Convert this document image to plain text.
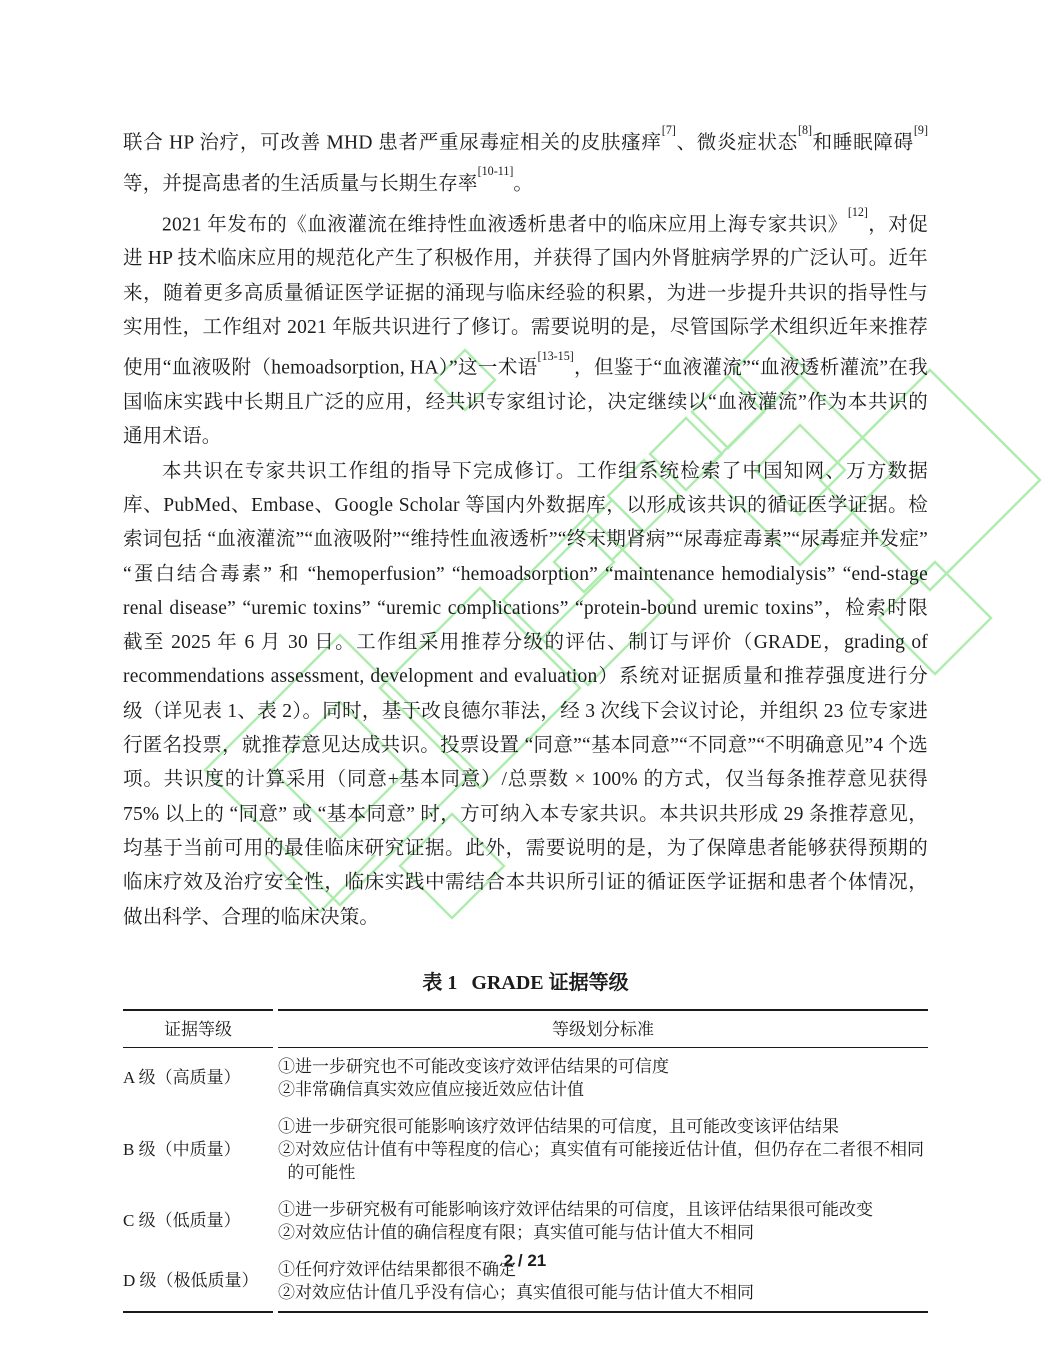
联合 HP 治疗，可改善 MHD 患者严重尿毒症相关的皮肤瘙痒[7]、微炎症状态[8]和睡眠障碍[9]等，并提高患者的生活质量与长期生存率[10-11]。

2021 年发布的《血液灌流在维持性血液透析患者中的临床应用上海专家共识》[12]，对促进 HP 技术临床应用的规范化产生了积极作用，并获得了国内外肾脏病学界的广泛认可。近年来，随着更多高质量循证医学证据的涌现与临床经验的积累，为进一步提升共识的指导性与实用性，工作组对 2021 年版共识进行了修订。需要说明的是，尽管国际学术组织近年来推荐使用“血液吸附（hemoadsorption, HA）”这一术语[13-15]，但鉴于“血液灌流”“血液透析灌流”在我国临床实践中长期且广泛的应用，经共识专家组讨论，决定继续以“血液灌流”作为本共识的通用术语。

本共识在专家共识工作组的指导下完成修订。工作组系统检索了中国知网、万方数据库、PubMed、Embase、Google Scholar 等国内外数据库，以形成该共识的循证医学证据。检索词包括 “血液灌流”“血液吸附”“维持性血液透析”“终末期肾病”“尿毒症毒素”“尿毒症并发症” “蛋白结合毒素” 和 “hemoperfusion” “hemoadsorption” “maintenance hemodialysis” “end-stage renal disease” “uremic toxins” “uremic complications” “protein-bound uremic toxins”，检索时限截至 2025 年 6 月 30 日。工作组采用推荐分级的评估、制订与评价（GRADE，grading of recommendations assessment, development and evaluation）系统对证据质量和推荐强度进行分级（详见表 1、表 2）。同时，基于改良德尔菲法，经 3 次线下会议讨论，并组织 23 位专家进行匿名投票，就推荐意见达成共识。投票设置 “同意”“基本同意”“不同意”“不明确意见”4 个选项。共识度的计算采用（同意+基本同意）/总票数 × 100% 的方式，仅当每条推荐意见获得 75% 以上的 “同意” 或 “基本同意” 时，方可纳入本专家共识。本共识共形成 29 条推荐意见，均基于当前可用的最佳临床研究证据。此外，需要说明的是，为了保障患者能够获得预期的临床疗效及治疗安全性，临床实践中需结合本共识所引证的循证医学证据和患者个体情况，做出科学、合理的临床决策。

表 1 GRADE 证据等级
证据等级	等级划分标准
A 级（高质量）	①进一步研究也不可能改变该疗效评估结果的可信度
②非常确信真实效应值应接近效应估计值

B 级（中质量）	①进一步研究很可能影响该疗效评估结果的可信度，且可能改变该评估结果
②对效应估计值有中等程度的信心；真实值有可能接近估计值，但仍存在二者很不相同的可能性

C 级（低质量）	①进一步研究极有可能影响该疗效评估结果的可信度，且该评估结果很可能改变
②对效应估计值的确信程度有限；真实值可能与估计值大不相同

D 级（极低质量）	①任何疗效评估结果都很不确定
②对效应估计值几乎没有信心；真实值很可能与估计值大不相同
2 / 21
